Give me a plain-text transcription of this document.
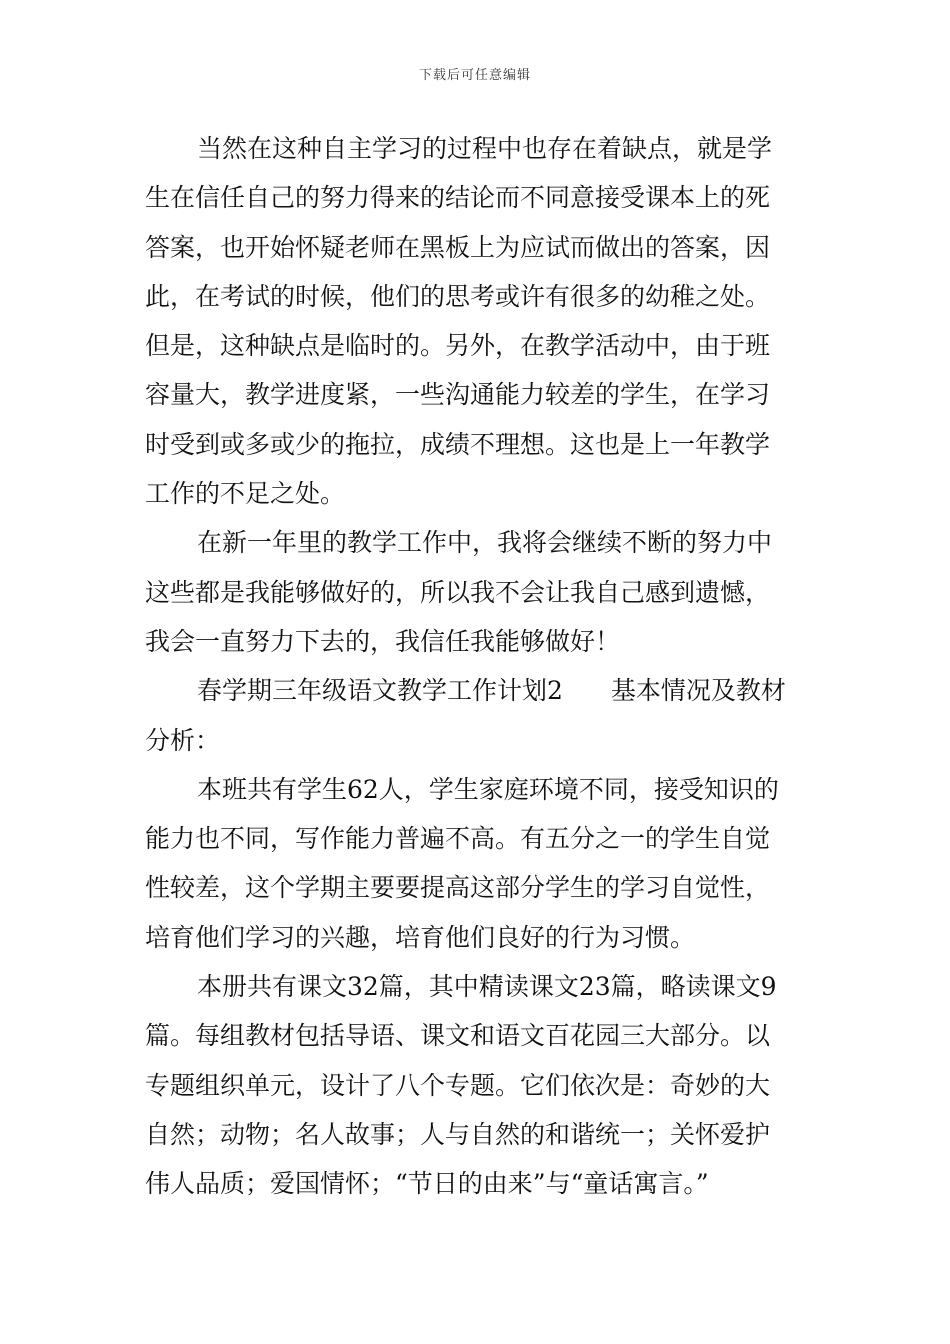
下载后可任意编辑
当然在这种自主学习的过程中也存在着缺点，就是学
生在信任自己的努力得来的结论而不同意接受课本上的死
答案，也开始怀疑老师在黑板上为应试而做出的答案，因
此，在考试的时候，他们的思考或许有很多的幼稚之处。
但是，这种缺点是临时的。另外，在教学活动中，由于班
容量大，教学进度紧，一些沟通能力较差的学生，在学习
时受到或多或少的拖拉，成绩不理想。这也是上一年教学
工作的不足之处。
在新一年里的教学工作中，我将会继续不断的努力中
这些都是我能够做好的，所以我不会让我自己感到遗憾，
我会一直努力下去的，我信任我能够做好！
春学期三年级语文教学工作计划2 基本情况及教材
分析：
本班共有学生62人，学生家庭环境不同，接受知识的
能力也不同，写作能力普遍不高。有五分之一的学生自觉
性较差，这个学期主要要提高这部分学生的学习自觉性，
培育他们学习的兴趣，培育他们良好的行为习惯。
本册共有课文32篇，其中精读课文23篇，略读课文9
篇。每组教材包括导语、课文和语文百花园三大部分。以
专题组织单元，设计了八个专题。它们依次是：奇妙的大
自然；动物；名人故事；人与自然的和谐统一；关怀爱护
伟人品质；爱国情怀；“节日的由来”与“童话寓言。”
